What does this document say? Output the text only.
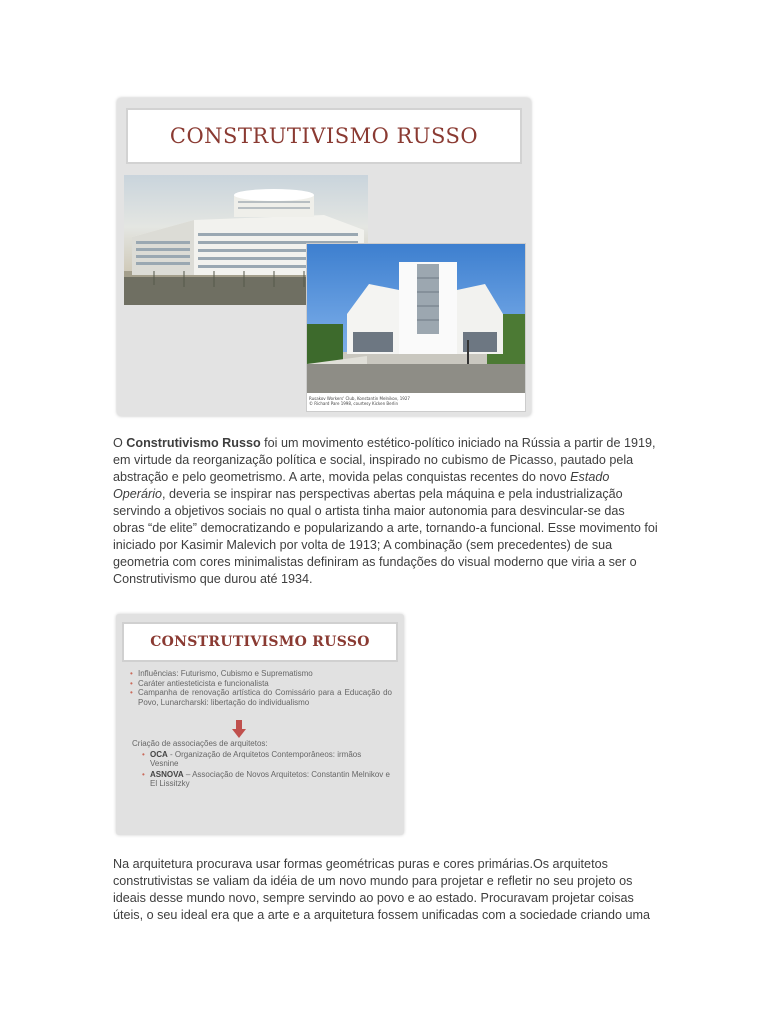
CONSTRUTIVISMO RUSSO
Rusakov Workers' Club, Konstantin Melnikov, 1927
© Richard Pare 1998, courtesy Kicken Berlin

O Construtivismo Russo foi um movimento estético-político iniciado na Rússia a partir de 1919, em virtude da reorganização política e social, inspirado no cubismo de Picasso, pautado pela abstração e pelo geometrismo. A arte, movida pelas conquistas recentes do novo Estado Operário, deveria se inspirar nas perspectivas abertas pela máquina e pela industrialização servindo a objetivos sociais no qual o artista tinha maior autonomia para desvincular-se das obras “de elite” democratizando e popularizando a arte, tornando-a funcional. Esse movimento foi iniciado por Kasimir Malevich por volta de 1913; A combinação (sem precedentes) de sua geometria com cores minimalistas definiram as fundações do visual moderno que viria a ser o Construtivismo que durou até 1934.

CONSTRUTIVISMO RUSSO
• Influências: Futurismo, Cubismo e Suprematismo
• Caráter antiesteticista e funcionalista
• Campanha de renovação artística do Comissário para a Educação do Povo, Lunarcharski: libertação do individualismo
Criação de associações de arquitetos:
• OCA - Organização de Arquitetos Contemporâneos: irmãos Vesnine
• ASNOVA – Associação de Novos Arquitetos: Constantin Melnikov e El Lissitzky

Na arquitetura procurava usar formas geométricas puras e cores primárias.Os arquitetos construtivistas se valiam da idéia de um novo mundo para projetar e refletir no seu projeto os ideais desse mundo novo, sempre servindo ao povo e ao estado. Procuravam projetar coisas úteis, o seu ideal era que a arte e a arquitetura fossem unificadas com a sociedade criando uma
